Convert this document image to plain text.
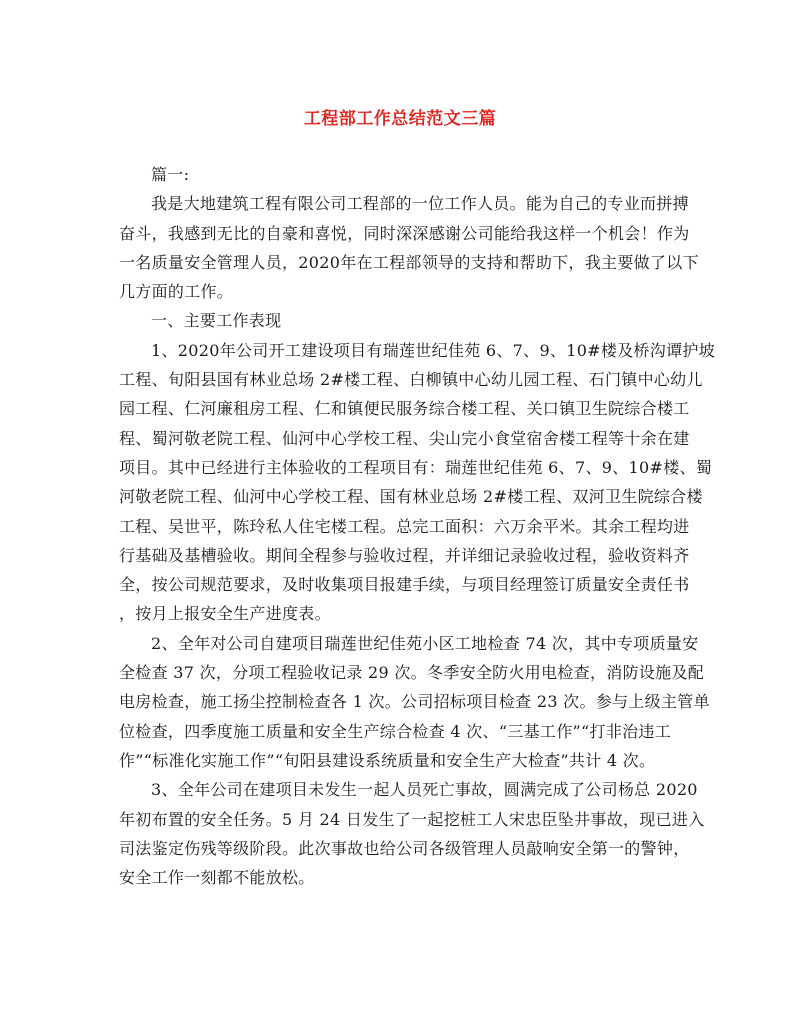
工程部工作总结范文三篇

篇一:

我是大地建筑工程有限公司工程部的一位工作人员。能为自己的专业而拼搏

奋斗，我感到无比的自豪和喜悦，同时深深感谢公司能给我这样一个机会！作为

一名质量安全管理人员，2020年在工程部领导的支持和帮助下，我主要做了以下

几方面的工作。

一、主要工作表现

1、2020年公司开工建设项目有瑞莲世纪佳苑 6、7、9、10#楼及桥沟谭护坡

工程、旬阳县国有林业总场 2#楼工程、白柳镇中心幼儿园工程、石门镇中心幼儿

园工程、仁河廉租房工程、仁和镇便民服务综合楼工程、关口镇卫生院综合楼工

程、蜀河敬老院工程、仙河中心学校工程、尖山完小食堂宿舍楼工程等十余在建

项目。其中已经进行主体验收的工程项目有：瑞莲世纪佳苑 6、7、9、10#楼、蜀

河敬老院工程、仙河中心学校工程、国有林业总场 2#楼工程、双河卫生院综合楼

工程、吴世平，陈玲私人住宅楼工程。总完工面积：六万余平米。其余工程均进

行基础及基槽验收。期间全程参与验收过程，并详细记录验收过程，验收资料齐

全，按公司规范要求，及时收集项目报建手续，与项目经理签订质量安全责任书

，按月上报安全生产进度表。

2、全年对公司自建项目瑞莲世纪佳苑小区工地检查 74 次，其中专项质量安

全检查 37 次，分项工程验收记录 29 次。冬季安全防火用电检查，消防设施及配

电房检查，施工扬尘控制检查各 1 次。公司招标项目检查 23 次。参与上级主管单

位检查，四季度施工质量和安全生产综合检查 4 次、“三基工作”“打非治违工

作”“标准化实施工作”“旬阳县建设系统质量和安全生产大检查”共计 4 次。

3、全年公司在建项目未发生一起人员死亡事故，圆满完成了公司杨总 2020

年初布置的安全任务。5 月 24 日发生了一起挖桩工人宋忠臣坠井事故，现已进入

司法鉴定伤残等级阶段。此次事故也给公司各级管理人员敲响安全第一的警钟，

安全工作一刻都不能放松。
